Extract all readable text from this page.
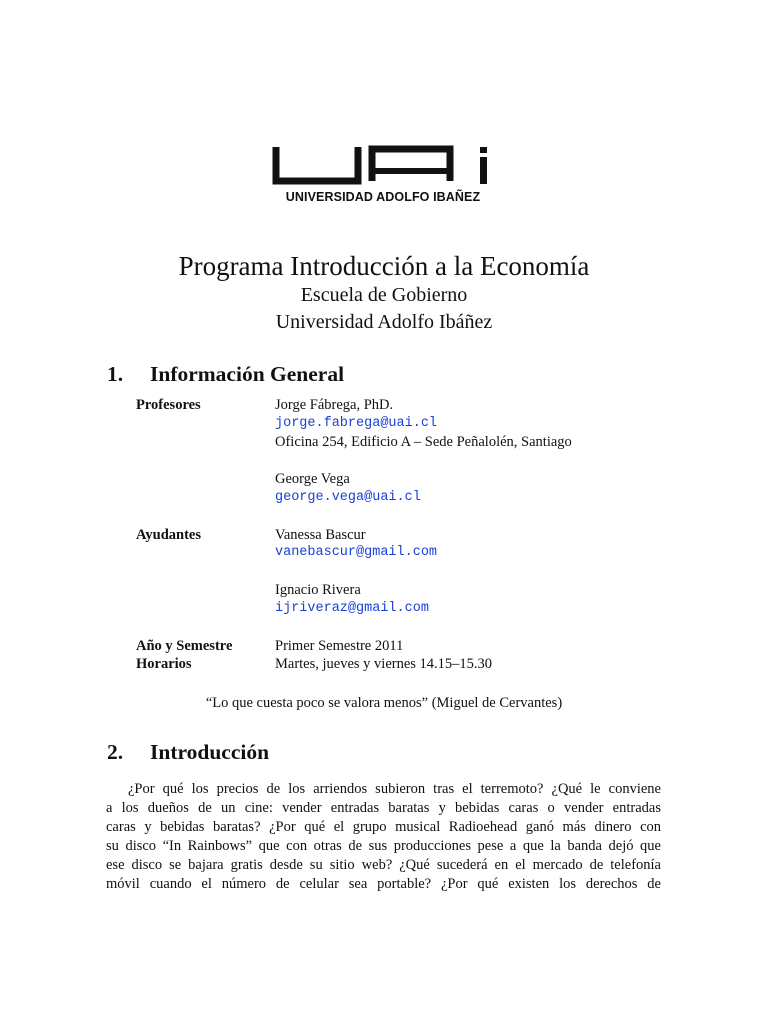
UNIVERSIDAD ADOLFO IBAÑEZ

Programa Introducción a la Economía

Escuela de Gobierno

Universidad Adolfo Ibáñez

1. Información General
Profesores	Jorge Fábrega, PhD.
jorge.fabrega@uai.cl
Oficina 254, Edificio A – Sede Peñalolén, Santiago
George Vega
george.vega@uai.cl
Ayudantes	Vanessa Bascur
vanebascur@gmail.com
Ignacio Rivera
ijriveraz@gmail.com
Año y Semestre	Primer Semestre 2011
Horarios	Martes, jueves y viernes 14.15–15.30
“Lo que cuesta poco se valora menos” (Miguel de Cervantes)
2. Introducción
¿Por qué los precios de los arriendos subieron tras el terremoto? ¿Qué le conviene
a los dueños de un cine: vender entradas baratas y bebidas caras o vender entradas
caras y bebidas baratas? ¿Por qué el grupo musical Radioehead ganó más dinero con
su disco “In Rainbows” que con otras de sus producciones pese a que la banda dejó que
ese disco se bajara gratis desde su sitio web? ¿Qué sucederá en el mercado de telefonía
móvil cuando el número de celular sea portable? ¿Por qué existen los derechos de
